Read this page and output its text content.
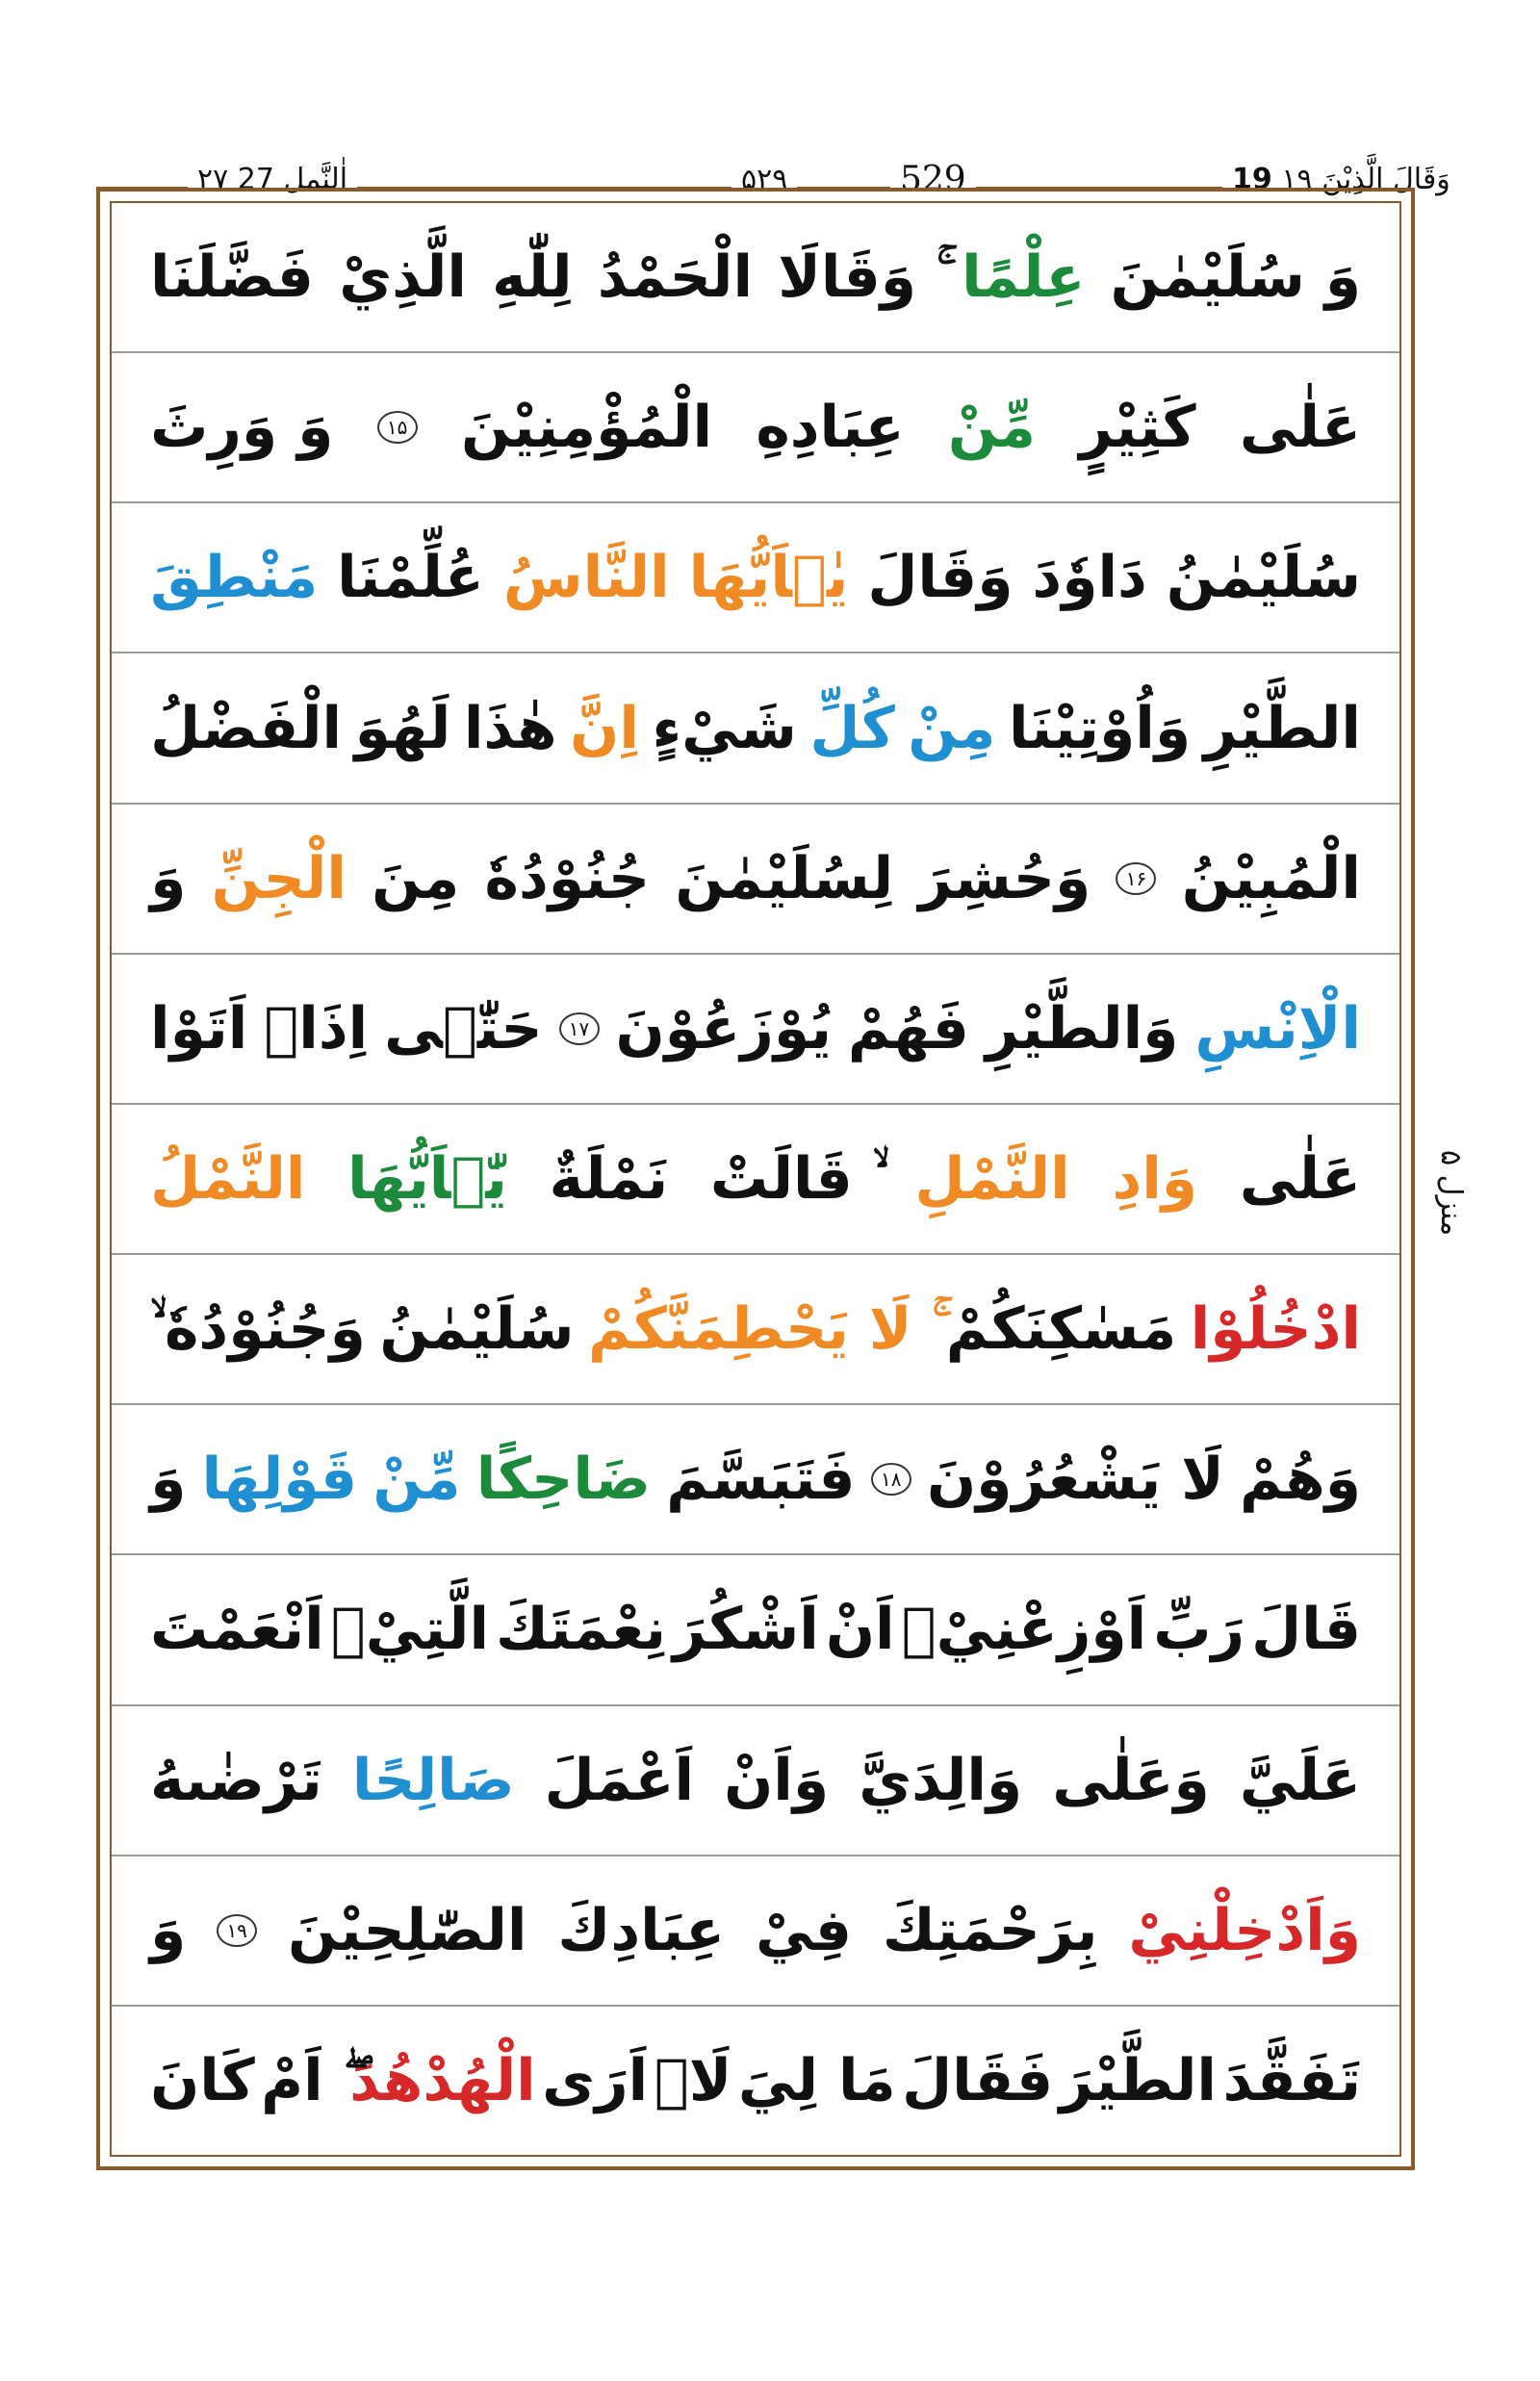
۲۷ اٰلنَّمل 27	۵۲۹	529	19 وَقَالَ الَّذِيْنَ ۱۹
وَ سُلَيْمٰنَ
عِلْمًا
ۚ وَقَالَا
الْحَمْدُ
لِلّٰهِ
الَّذِيْ
فَضَّلَنَا
عَلٰى
كَثِيْرٍ
مِّنْ
عِبَادِهِ
الْمُؤْمِنِيْنَ
۱۵
وَ وَرِثَ
سُلَيْمٰنُ
دَاوٗدَ
وَقَالَ
يٰۤاَيُّهَا
النَّاسُ
عُلِّمْنَا
مَنْطِقَ
الطَّيْرِ
وَاُوْتِيْنَا
مِنْ
كُلِّ
شَيْءٍ
اِنَّ
هٰذَا
لَهُوَ
الْفَضْلُ
الْمُبِيْنُ
۱۶
وَحُشِرَ
لِسُلَيْمٰنَ
جُنُوْدُهٗ
مِنَ
الْجِنِّ
وَ
الْاِنْسِ
وَالطَّيْرِ
فَهُمْ
يُوْزَعُوْنَ
۱۷
حَتّٰۤى
اِذَاۤ
اَتَوْا
عَلٰى
وَادِ
النَّمْلِ
ۙ قَالَتْ
نَمْلَةٌ
يّٰۤاَيُّهَا
النَّمْلُ
ادْخُلُوْا
مَسٰكِنَكُمْ
ۚ لَا يَحْطِمَنَّكُمْ
سُلَيْمٰنُ
وَجُنُوْدُهٗ ۙ
وَهُمْ
لَا يَشْعُرُوْنَ
۱۸
فَتَبَسَّمَ
ضَاحِكًا
مِّنْ
قَوْلِهَا
وَ
قَالَ
رَبِّ
اَوْزِعْنِيْۤ
اَنْ
اَشْكُرَ
نِعْمَتَكَ
الَّتِيْۤ
اَنْعَمْتَ
عَلَيَّ
وَعَلٰى
وَالِدَيَّ
وَاَنْ
اَعْمَلَ
صَالِحًا
تَرْضٰىهُ
وَاَدْخِلْنِيْ
بِرَحْمَتِكَ
فِيْ
عِبَادِكَ
الصّٰلِحِيْنَ
۱۹
وَ
تَفَقَّدَ
الطَّيْرَ
فَقَالَ
مَا لِيَ
لَاۤ
اَرَى
الْهُدْهُدَ
ۖ اَمْ
كَانَ
منزل ۵
